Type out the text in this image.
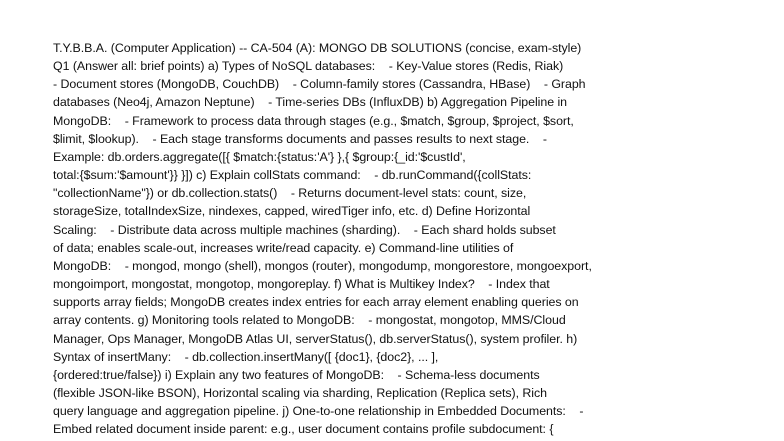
T.Y.B.B.A. (Computer Application) -- CA-504 (A): MONGO DB SOLUTIONS (concise, exam-style)
Q1 (Answer all: brief points) a) Types of NoSQL databases:    - Key-Value stores (Redis, Riak)
- Document stores (MongoDB, CouchDB)    - Column-family stores (Cassandra, HBase)    - Graph
databases (Neo4j, Amazon Neptune)    - Time-series DBs (InfluxDB) b) Aggregation Pipeline in
MongoDB:    - Framework to process data through stages (e.g., $match, $group, $project, $sort,
$limit, $lookup).    - Each stage transforms documents and passes results to next stage.    -
Example: db.orders.aggregate([{ $match:{status:'A'} },{ $group:{_id:'$custId',
total:{$sum:'$amount'}} }]) c) Explain collStats command:    - db.runCommand({collStats:
"collectionName"}) or db.collection.stats()    - Returns document-level stats: count, size,
storageSize, totalIndexSize, nindexes, capped, wiredTiger info, etc. d) Define Horizontal
Scaling:    - Distribute data across multiple machines (sharding).    - Each shard holds subset
of data; enables scale-out, increases write/read capacity. e) Command-line utilities of
MongoDB:    - mongod, mongo (shell), mongos (router), mongodump, mongorestore, mongoexport,
mongoimport, mongostat, mongotop, mongoreplay. f) What is Multikey Index?    - Index that
supports array fields; MongoDB creates index entries for each array element enabling queries on
array contents. g) Monitoring tools related to MongoDB:    - mongostat, mongotop, MMS/Cloud
Manager, Ops Manager, MongoDB Atlas UI, serverStatus(), db.serverStatus(), system profiler. h)
Syntax of insertMany:    - db.collection.insertMany([ {doc1}, {doc2}, ... ],
{ordered:true/false}) i) Explain any two features of MongoDB:    - Schema-less documents
(flexible JSON-like BSON), Horizontal scaling via sharding, Replication (Replica sets), Rich
query language and aggregation pipeline. j) One-to-one relationship in Embedded Documents:    -
Embed related document inside parent: e.g., user document contains profile subdocument: {
